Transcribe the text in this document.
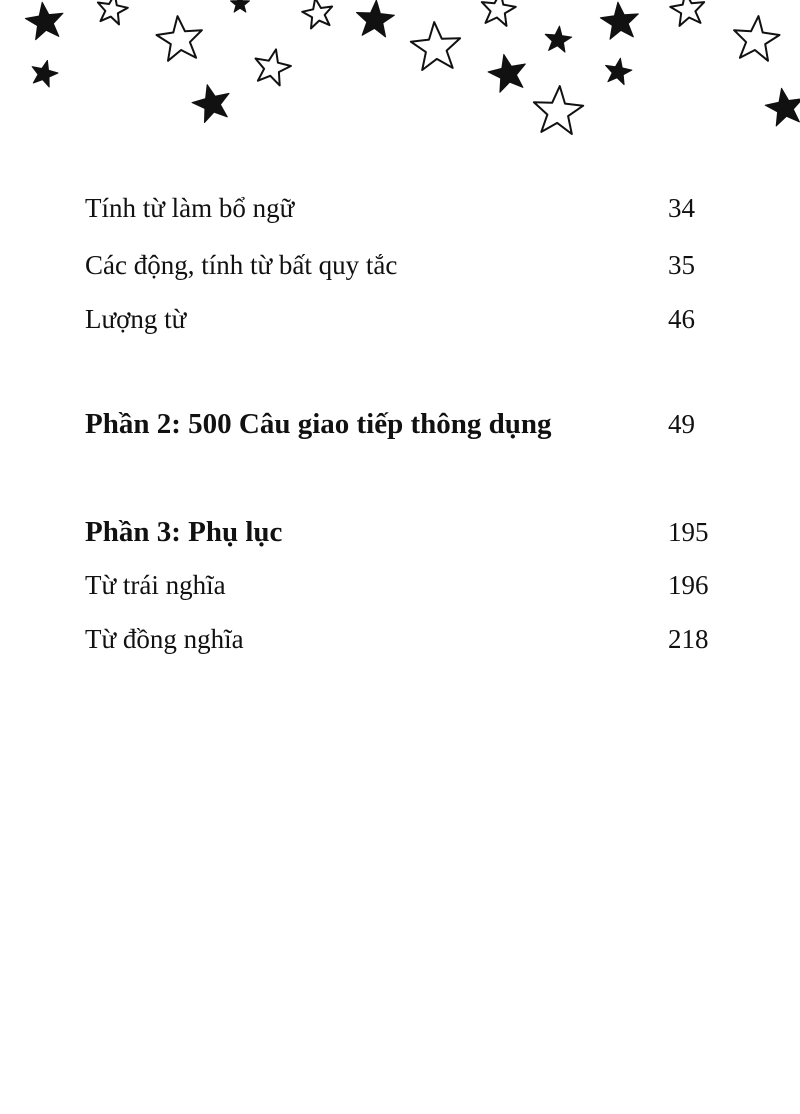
Tính từ làm bổ ngữ	34
Các động, tính từ bất quy tắc	35
Lượng từ	46
Phần 2: 500 Câu giao tiếp thông dụng	49
Phần 3: Phụ lục	195
Từ trái nghĩa	196
Từ đồng nghĩa	218
